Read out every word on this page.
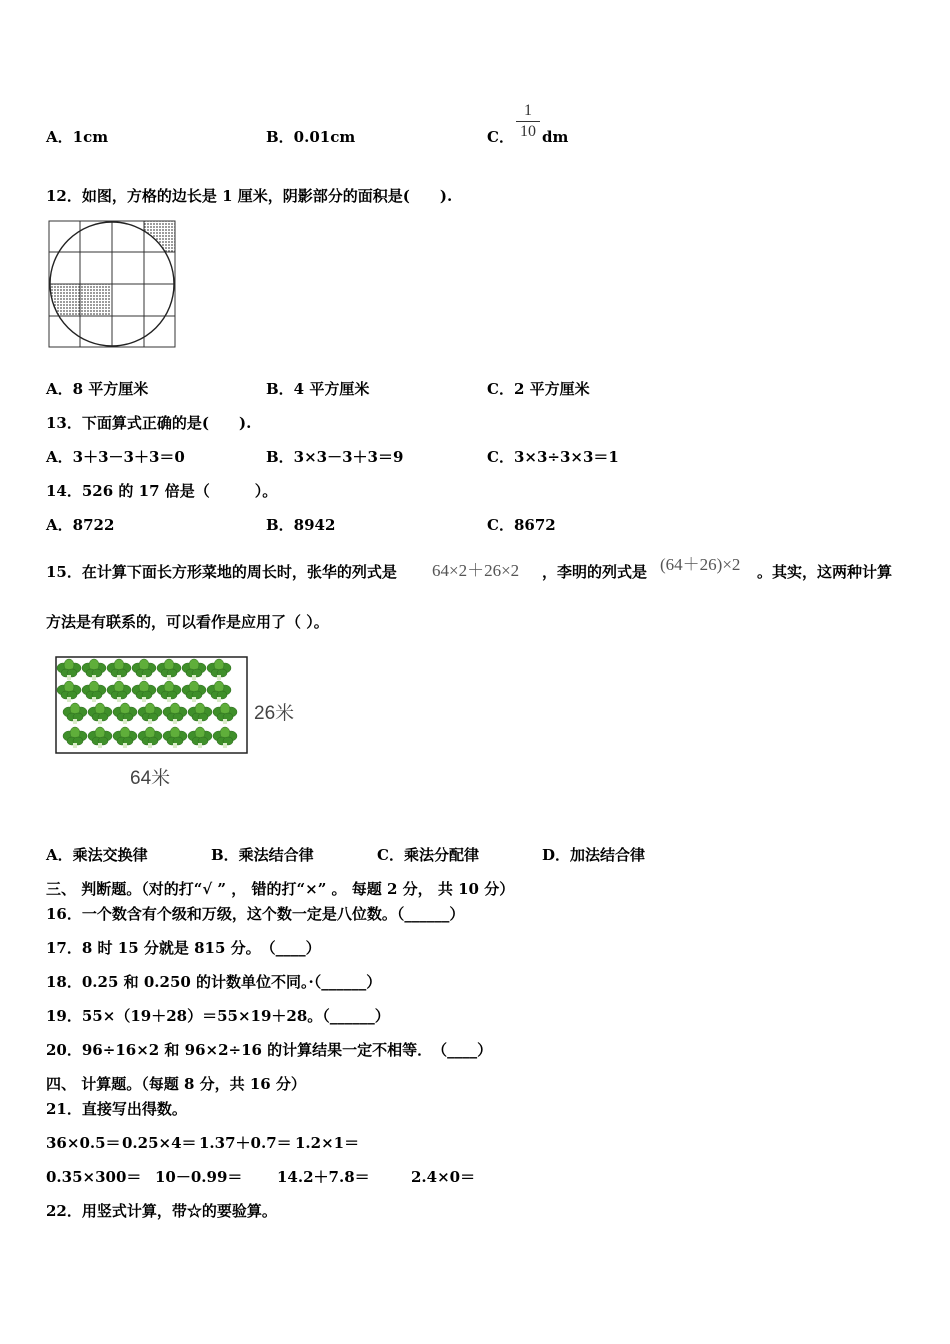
A．1cm	B．0.01cm	C．
1
10 dm
12．如图，方格的边长是 1 厘米，阴影部分的面积是(　　).
A．8 平方厘米	B．4 平方厘米	C．2 平方厘米
13．下面算式正确的是(　　).
A．3＋3－3＋3＝0	B．3×3－3＋3＝9	C．3×3÷3×3＝1
14．526 的 17 倍是（　　　）。
A．8722	B．8942	C．8672
15．在计算下面长方形菜地的周长时，张华的列式是 64×2＋26×2 ，李明的列式是 (64＋26)×2 。其实，这两种计算
方法是有联系的，可以看作是应用了（ ）。
26米
64米
A．乘法交换律	B．乘法结合律	C．乘法分配律	D．加法结合律
三、 判断题。（对的打“√ ” ， 错的打“×” 。 每题 2 分， 共 10 分）
16．一个数含有个级和万级，这个数一定是八位数。（______）
17．8 时 15 分就是 815 分。　（____）
18．0.25 和 0.250 的计数单位不同。·（______）
19．55×（19＋28）＝55×19＋28。（______）
20．96÷16×2 和 96×2÷16 的计算结果一定不相等．　（____）
四、 计算题。（每题 8 分，共 16 分）
21．直接写出得数。
36×0.5＝ 0.25×4＝ 1.37＋0.7＝ 1.2×1＝
0.35×300＝ 10－0.99＝ 14.2＋7.8＝	2.4×0＝
22．用竖式计算，带☆的要验算。
